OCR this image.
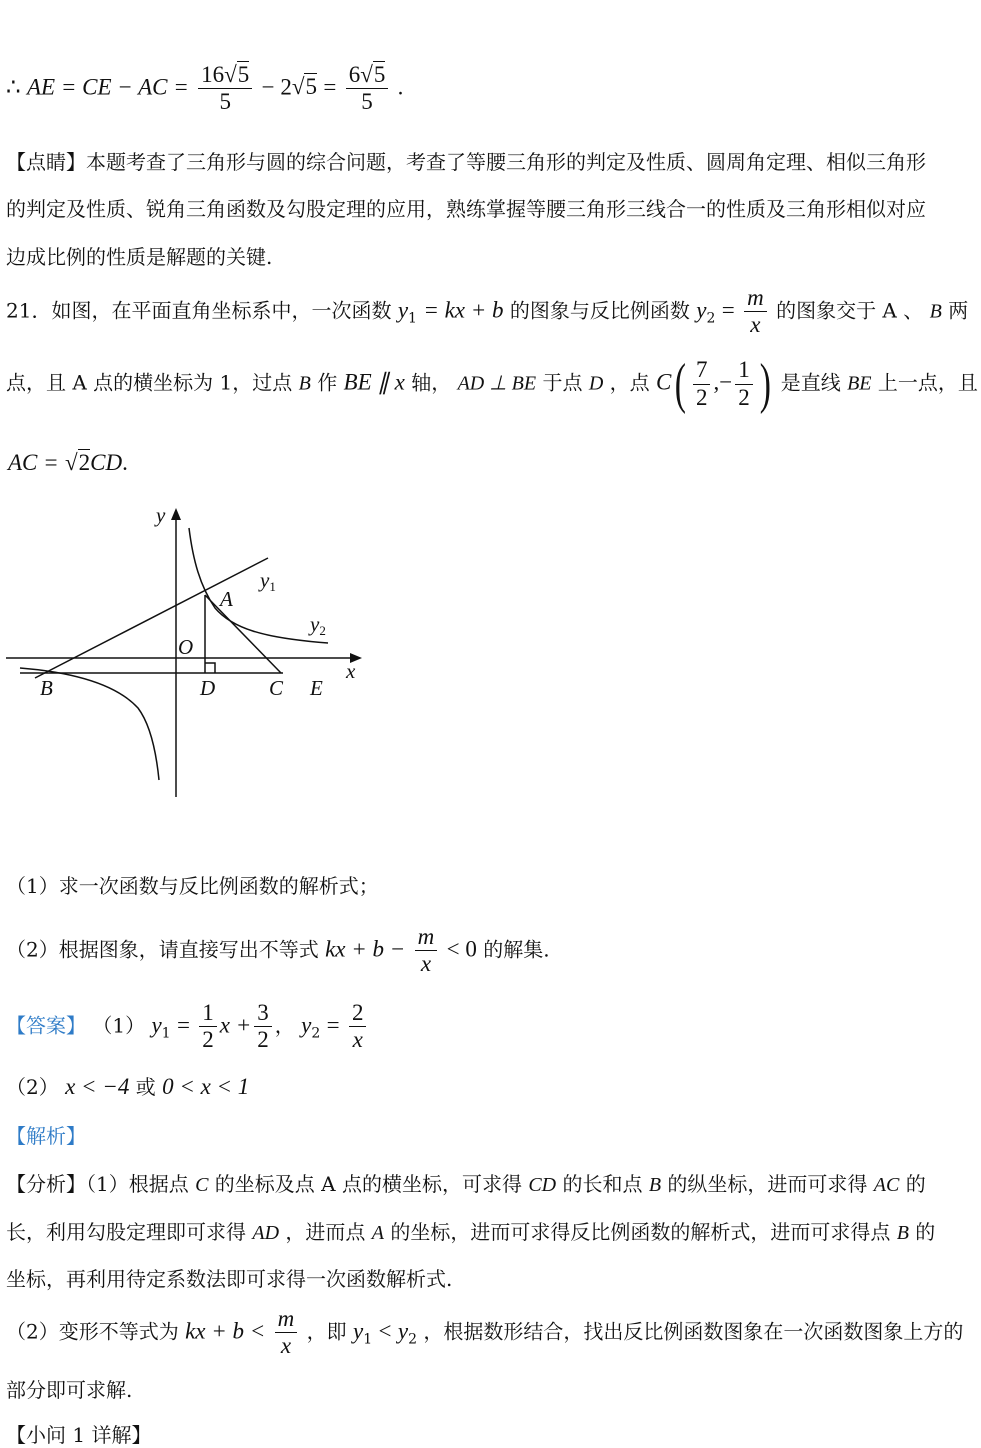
∴ AE = CE − AC = $\frac{16√5}{5} - 2√5 = \frac{6√5}{5}$ .
【点睛】本题考查了三角形与圆的综合问题，考查了等腰三角形的判定及性质、圆周角定理、相似三角形
的判定及性质、锐角三角函数及勾股定理的应用，熟练掌握等腰三角形三线合一的性质及三角形相似对应
边成比例的性质是解题的关键.
21．如图，在平面直角坐标系中，一次函数 $y_1$ = kx + b 的图象与反比例函数 $y_2 = \frac{m}{x}$ 的图象交于 A 、 B 两
点，且 A 点的横坐标为 1，过点 B 作 BE ∥ x 轴， AD ⊥ BE 于点 D ，点 $C( \frac{7}{2}$ ,− $\frac{1}{2}$ ) 是直线 BE 上一点，且
AC = √2CD.
y
y1
A
y2
O
x
B	D	C E
（1）求一次函数与反比例函数的解析式；
（2）根据图象，请直接写出不等式 kx + $b - \frac{m}{x} < 0$ 的解集.
【答案】 （1） $y_1 = \frac{1}{2}$ $x + \frac{3}{2}$ ， $y_2 = \frac{2}{x}$
（2） x < −4 或 0 < x < 1
【解析】
【分析】（1）根据点 C 的坐标及点 A 点的横坐标，可求得 CD 的长和点 B 的纵坐标，进而可求得 AC 的
长，利用勾股定理即可求得 AD ，进而点 A 的坐标，进而可求得反比例函数的解析式，进而可求得点 B 的
坐标，再利用待定系数法即可求得一次函数解析式.
（2）变形不等式为 kx + $b < \frac{m}{x}$ ，即 $y_1 < y_2$ ，根据数形结合，找出反比例函数图象在一次函数图象上方的
部分即可求解.
【小问 1 详解】
